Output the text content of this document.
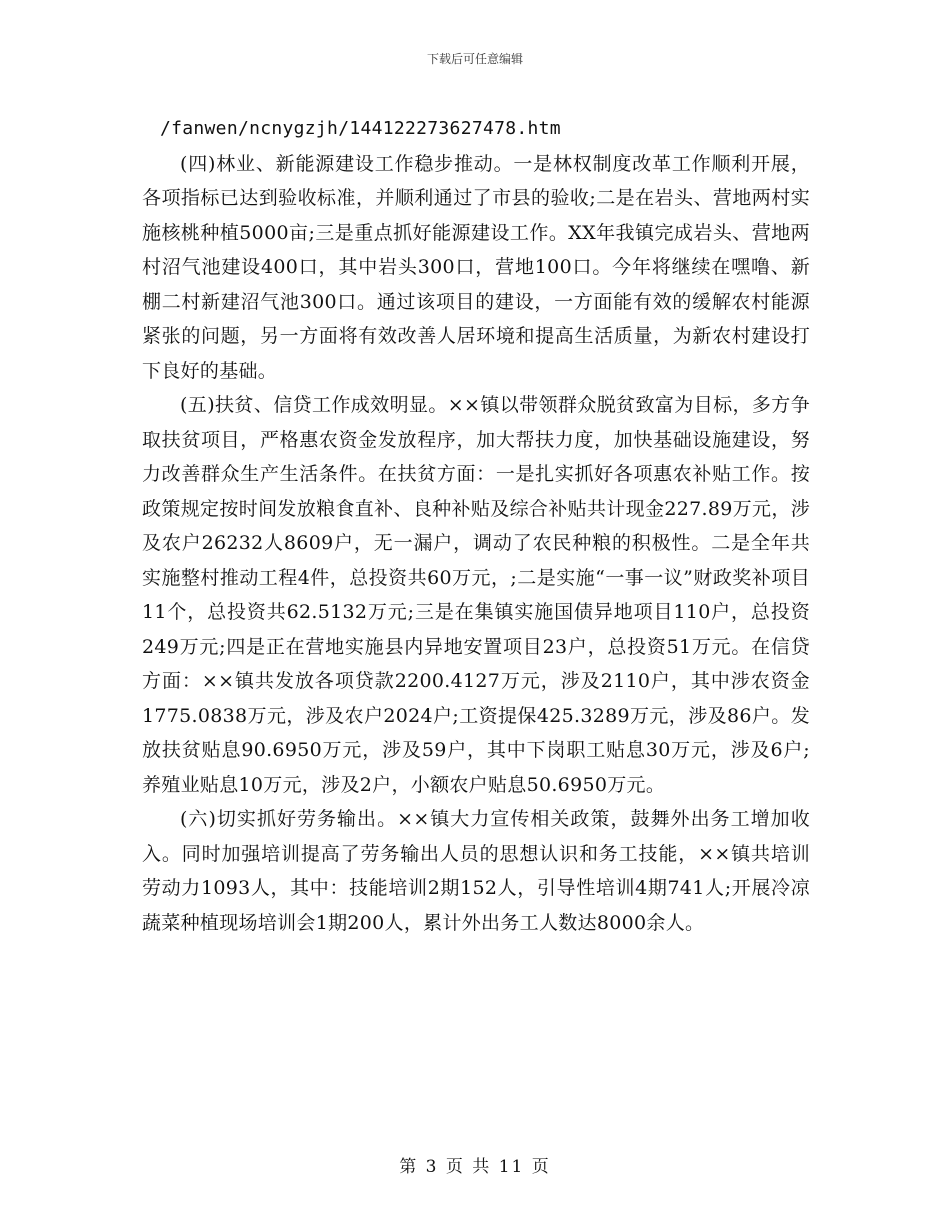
下载后可任意编辑

/fanwen/ncnygzjh/144122273627478.htm

(四)林业、新能源建设工作稳步推动。一是林权制度改革工作顺利开展，各项指标已达到验收标准，并顺利通过了市县的验收;二是在岩头、营地两村实施核桃种植5000亩;三是重点抓好能源建设工作。XX年我镇完成岩头、营地两村沼气池建设400口，其中岩头300口，营地100口。今年将继续在嘿噜、新棚二村新建沼气池300口。通过该项目的建设，一方面能有效的缓解农村能源紧张的问题，另一方面将有效改善人居环境和提高生活质量，为新农村建设打下良好的基础。

(五)扶贫、信贷工作成效明显。××镇以带领群众脱贫致富为目标，多方争取扶贫项目，严格惠农资金发放程序，加大帮扶力度，加快基础设施建设，努力改善群众生产生活条件。在扶贫方面：一是扎实抓好各项惠农补贴工作。按政策规定按时间发放粮食直补、良种补贴及综合补贴共计现金227.89万元，涉及农户26232人8609户，无一漏户，调动了农民种粮的积极性。二是全年共实施整村推动工程4件，总投资共60万元，;二是实施“一事一议”财政奖补项目11个，总投资共62.5132万元;三是在集镇实施国债异地项目110户，总投资249万元;四是正在营地实施县内异地安置项目23户，总投资51万元。在信贷方面：××镇共发放各项贷款2200.4127万元，涉及2110户，其中涉农资金1775.0838万元，涉及农户2024户;工资提保425.3289万元，涉及86户。发放扶贫贴息90.6950万元，涉及59户，其中下岗职工贴息30万元，涉及6户;养殖业贴息10万元，涉及2户，小额农户贴息50.6950万元。

(六)切实抓好劳务输出。××镇大力宣传相关政策，鼓舞外出务工增加收入。同时加强培训提高了劳务输出人员的思想认识和务工技能，××镇共培训劳动力1093人，其中：技能培训2期152人，引导性培训4期741人;开展冷凉蔬菜种植现场培训会1期200人，累计外出务工人数达8000余人。

第 3 页 共 11 页
